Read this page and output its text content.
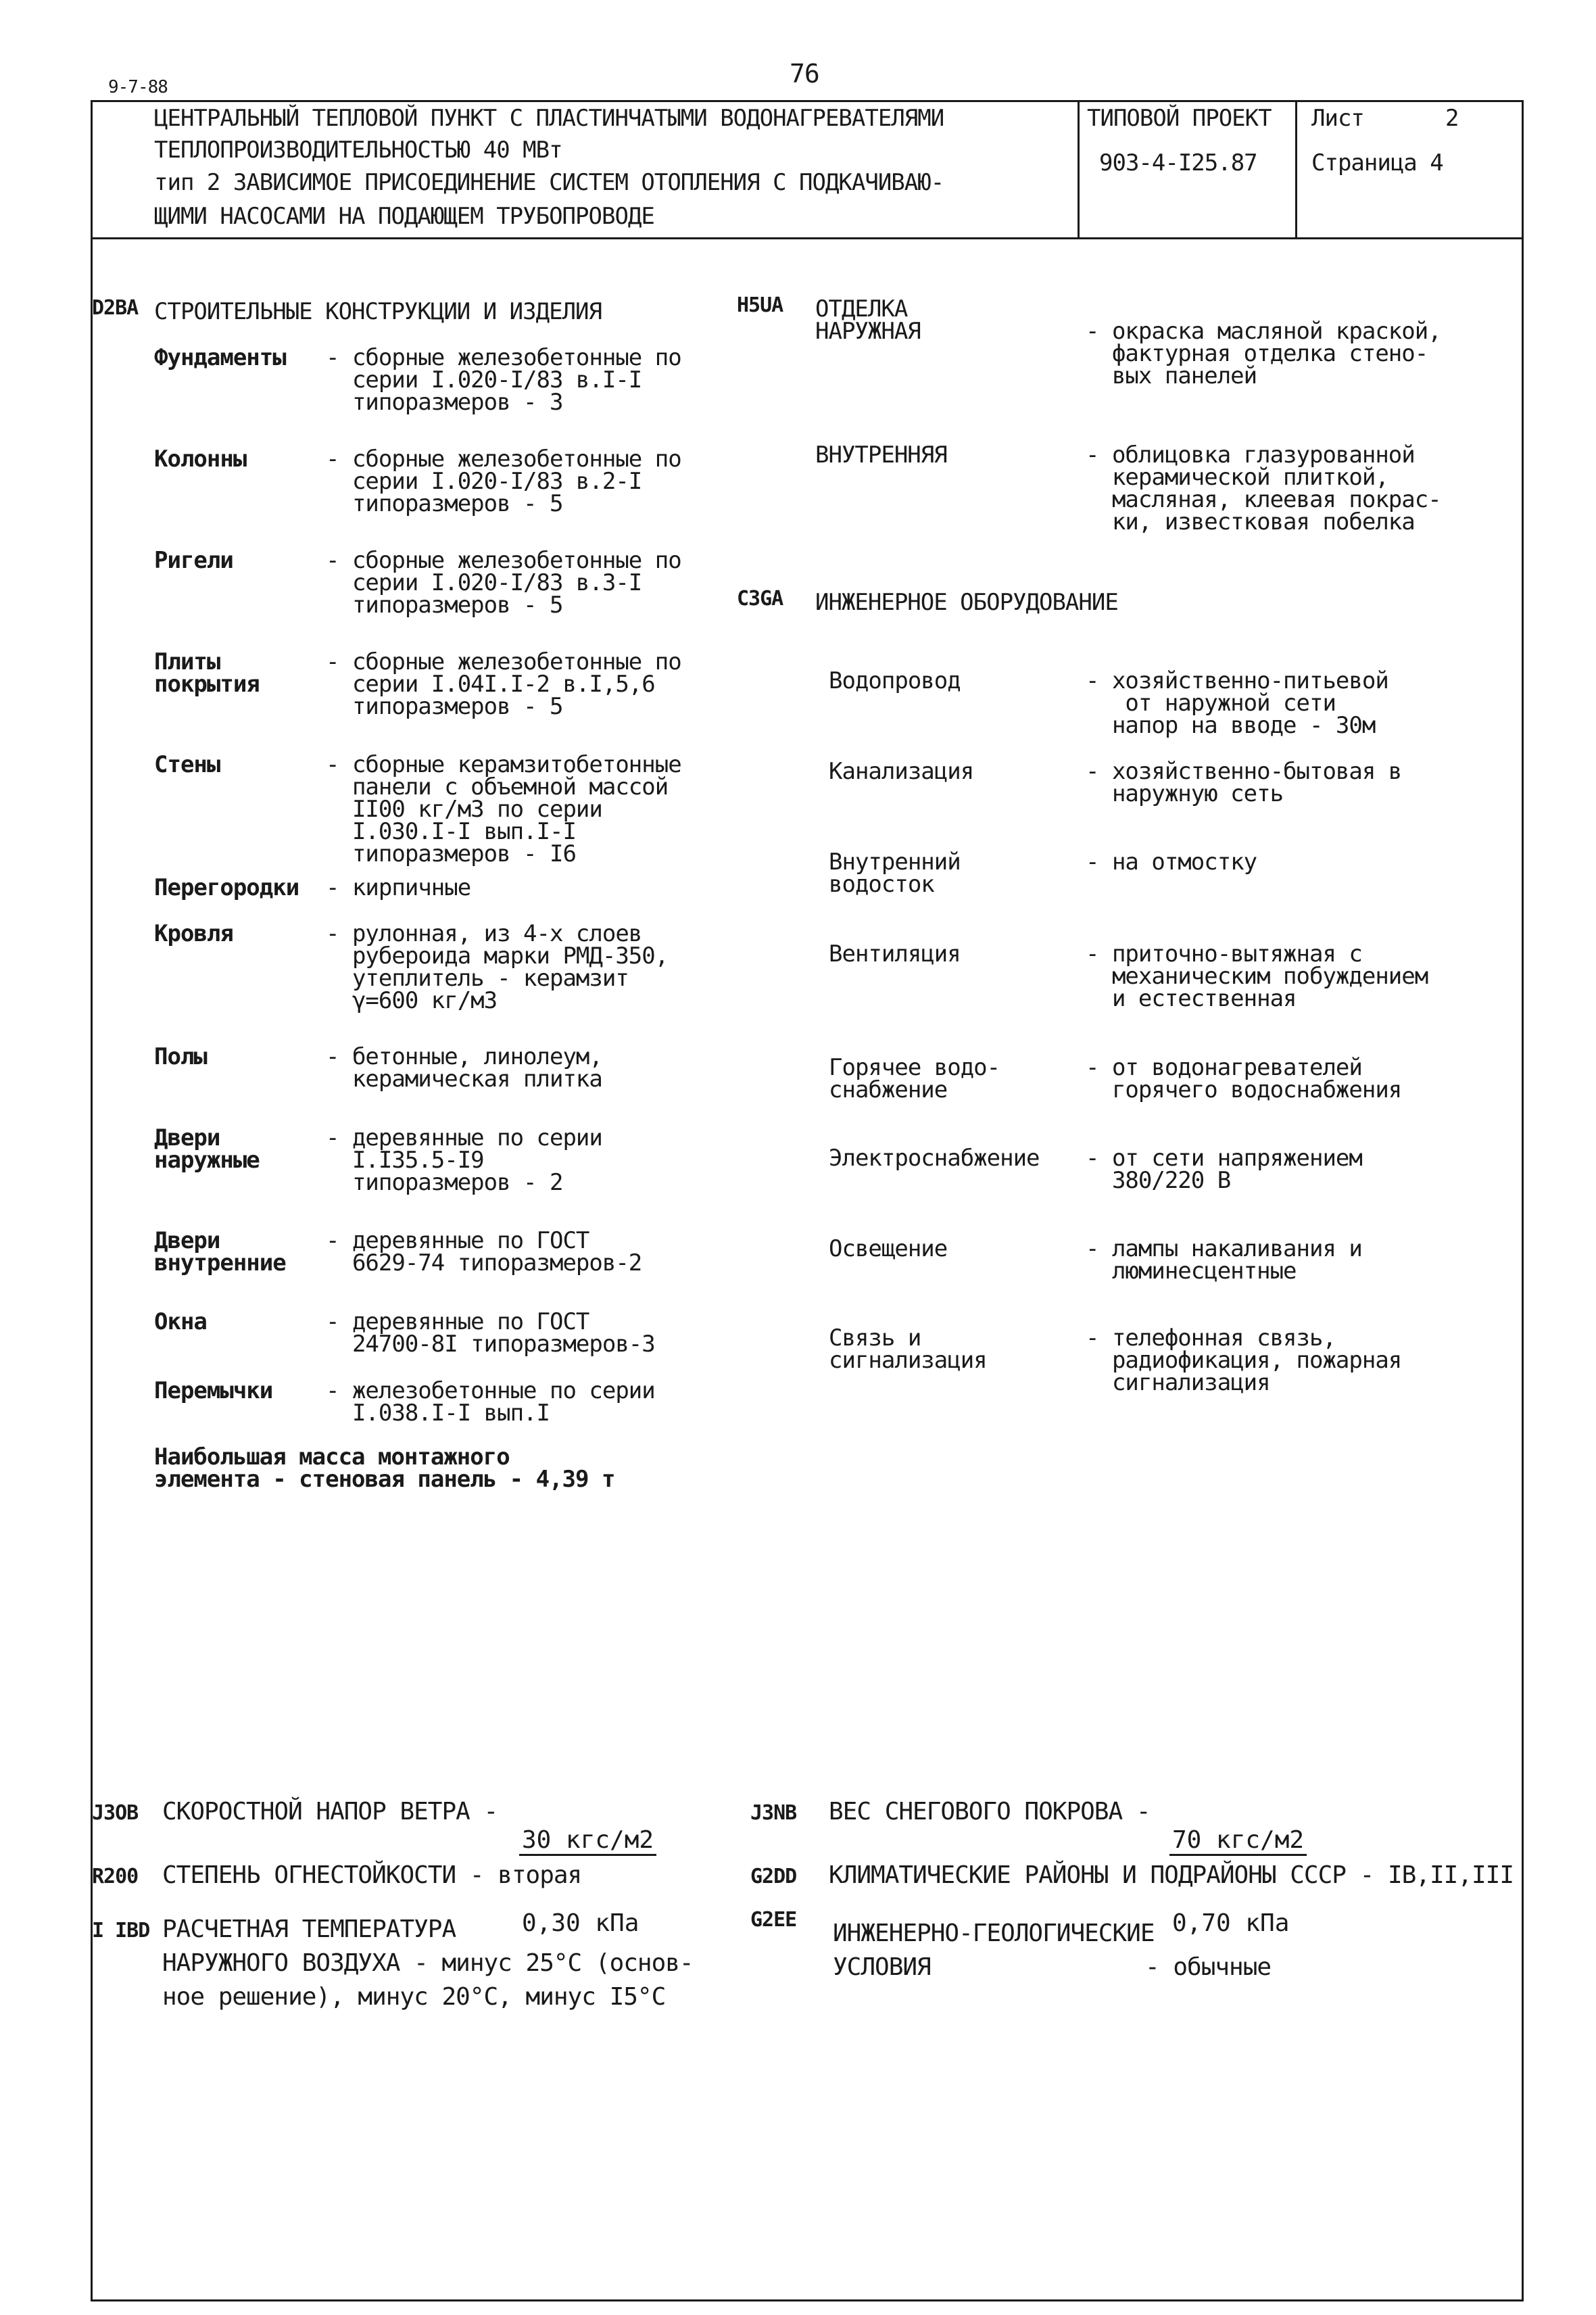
9-7-88	76
ЦЕНТРАЛЬНЫЙ ТЕПЛОВОЙ ПУНКТ С ПЛАСТИНЧАТЫМИ ВОДОНАГРЕВАТЕЛЯМИ
ТЕПЛОПРОИЗВОДИТЕЛЬНОСТЬЮ 40 МВт
тип 2 ЗАВИСИМОЕ ПРИСОЕДИНЕНИЕ СИСТЕМ ОТОПЛЕНИЯ С ПОДКАЧИВАЮ-
ЩИМИ НАСОСАМИ НА ПОДАЮЩЕМ ТРУБОПРОВОДЕ
ТИПОВОЙ ПРОЕКТ
903-4-I25.87
Лист	2
Страница 4
D2BA СТРОИТЕЛЬНЫЕ КОНСТРУКЦИИ И ИЗДЕЛИЯ
Фундаменты - сборные железобетонные по
серии I.020-I/83 в.I-I
типоразмеров - 3
Колонны	- сборные железобетонные по
серии I.020-I/83 в.2-I
типоразмеров - 5
Ригели	- сборные железобетонные по
серии I.020-I/83 в.3-I
типоразмеров - 5
Плиты
покрытия
- сборные железобетонные по
серии I.04I.I-2 в.I,5,6
типоразмеров - 5
Стены	- сборные керамзитобетонные
панели с объемной массой
II00 кг/м3 по серии
I.030.I-I вып.I-I
типоразмеров - I6
Перегородки - кирпичные
Кровля	- рулонная, из 4-х слоев
рубероида марки РМД-350,
утеплитель - керамзит
γ=600 кг/м3
Полы	- бетонные, линолеум,
керамическая плитка
Двери
наружные
- деревянные по серии
I.I35.5-I9
типоразмеров - 2
Двери
внутренние
- деревянные по ГОСТ
6629-74 типоразмеров-2
Окна	- деревянные по ГОСТ
24700-8I типоразмеров-3
Перемычки - железобетонные по серии
I.038.I-I вып.I
Наибольшая масса монтажного
элемента - стеновая панель - 4,39 т
H5UA ОТДЕЛКА
НАРУЖНАЯ	- окраска масляной краской,
фактурная отделка стено-
вых панелей
ВНУТРЕННЯЯ	- облицовка глазурованной
керамической плиткой,
масляная, клеевая покрас-
ки, известковая побелка
C3GA ИНЖЕНЕРНОЕ ОБОРУДОВАНИЕ
Водопровод	- хозяйственно-питьевой
от наружной сети
напор на вводе - 30м
Канализация	- хозяйственно-бытовая в
наружную сеть
Внутренний
водосток
- на отмостку
Вентиляция	- приточно-вытяжная с
механическим побуждением
и естественная
Горячее водо-
снабжение
- от водонагревателей
горячего водоснабжения
Электроснабжение - от сети напряжением
380/220 В
Освещение	- лампы накаливания и
люминесцентные
Связь и
сигнализация
- телефонная связь,
радиофикация, пожарная
сигнализация
J3OB СКОРОСТНОЙ НАПОР ВЕТРА -

30 кгс/м2

0,30 кПа

J3NB ВЕС СНЕГОВОГО ПОКРОВА -

70 кгс/м2

0,70 кПа

R200 СТЕПЕНЬ ОГНЕСТОЙКОСТИ - вторая	G2DD КЛИМАТИЧЕСКИЕ РАЙОНЫ И ПОДРАЙОНЫ СССР - IВ,II,III
I IBD РАСЧЕТНАЯ ТЕМПЕРАТУРА
НАРУЖНОГО ВОЗДУХА - минус 25°С (основ-
ное решение), минус 20°С, минус I5°С
G2EE ИНЖЕНЕРНО-ГЕОЛОГИЧЕСКИЕ
УСЛОВИЯ	- обычные
